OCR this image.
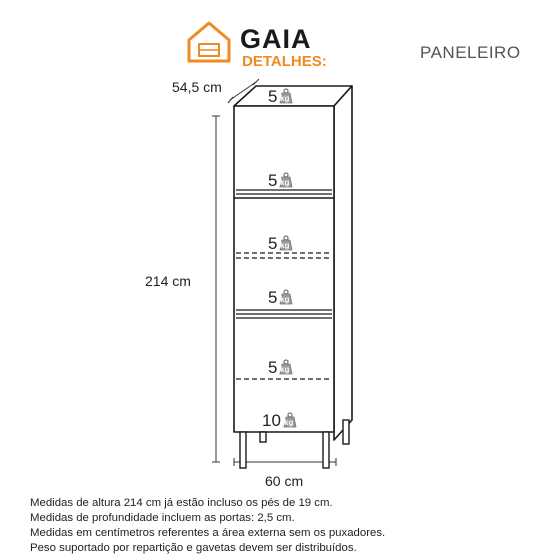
GAIA
DETALHES:	PANELEIRO
54,5 cm
214 cm
60 cm
5 kg
5 kg
5 kg
5 kg
5 kg
10 kg
Medidas de altura 214 cm já estão incluso os pés de 19 cm.
Medidas de profundidade incluem as portas: 2,5 cm.
Medidas em centímetros referentes a área externa sem os puxadores.
Peso suportado por repartição e gavetas devem ser distribuídos.
